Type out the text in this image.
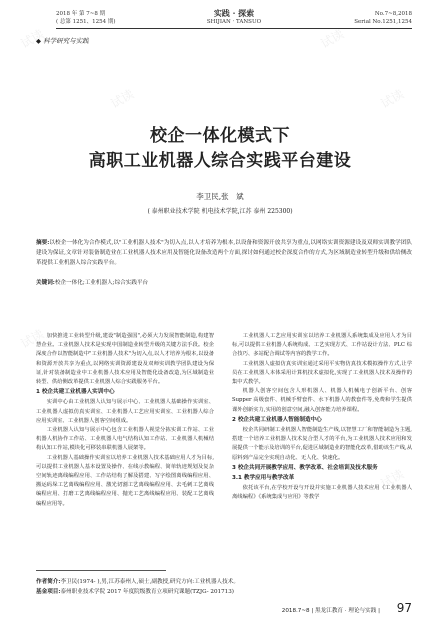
试读	试读
试读	试读
试读	试读
试读	试读
2018 年 第 7~8 期
( 总第 1251、1254 期)
实践 · 探索
SHIJIAN · TANSUO
No.7~8,2018
Serial No.1251,1254
◆ 科学研究与实践
校企一体化模式下
高职工业机器人综合实践平台建设
李卫民,张　斌
( 泰州职业技术学院 机电技术学院,江苏 泰州 225300)
摘要:以校企一体化为合作模式,以"工业机器人技术"为切入点,以人才培养为根本,以设备和资源开放共享为重点,以网络实训资源建设及双师实训教学团队建设为保证,文章针对装备制造业在工业机器人技术应用及智能化设备改造两个方面,探讨如何通过校企深度合作的方式,为区域制造业转型升级和供给侧改革提供工业机器人综合实践平台。
关键词:校企一体化;工业机器人;综合实践平台

加快推进工业转型升级,建设"制造强国",必须大力发展智能制造,构建智慧企业。工业机器人技术是实现中国制造业转型升级的关键方法手段。校企深度合作以智能制造中"工业机器人技术"为切入点,以人才培养为根本,以设备和资源开放共享为重点,以网络实训资源建设及双师实训教学团队建设为保证,针对装备制造业中工业机器人技术应用及智能化设备改造,为区域制造业转型、供给侧改革提供工业机器人综合实践服务平台。

1 校企共建工业机器人实训中心

实训中心由工业机器人认知与展示中心、工业机器人基础操作实训室、工业机器人虚拟仿真实训室、工业机器人工艺应用实训室、工业机器人综合应用实训室、工业机器人创客空间组成。

工业机器人认知与展示中心包含工业机器人视觉分拣实训工作站、工业机器人机协作工作站、工业机器人电气结构认知工作站、工业机器人机械结构认知工作站,模块化可移装串联机器人展架等。

工业机器人基础操作实训室以培养工业机器人技术基础应用人才为目标,可以提供工业机器人基本设置及操作、在线示教编程、简单轨迹规划及复杂空间轨迹离线编程应用、工作站结构了解及搭建、写字绘图离线编程应用、搬运码垛工艺离线编程应用、激光切割工艺离线编程应用、去毛刺工艺离线编程应用、打磨工艺离线编程应用、抛光工艺离线编程应用、装配工艺离线编程应用等。

工业机器人工艺应用实训室以培养工业机器人系统集成及应用人才为目标,可以提供工业机器人系统构成、工艺实现方式、工作站设计方法、PLC 综合技巧、多站配合调试等内容的教学工作。

工业机器人虚拟仿真实训室通过采用平实物仿真技术模拟操作方式,让学员在工业机器人本体采用计算机技术虚拟化,实现了工业机器人技术及操作的集中式教学。

机器人创客空间包含人形机器人、机器人机械电子创新平台、创客 Supper 高级套件、机械手臂套件、水下机器人的教套件等,免费和学生提供课外创新实力,实用的创意空间,融入创客能力培养课程。

2 校企共建工业机器人智能制造中心

校企共同研制工业机器人智能制造生产线,以智慧工厂和智能制造为主题,搭建一个培养工业机器人技术复合型人才的平台,为工业机器人技术应用和发展提供一个能示及培训的平台,促进区域制造业的智能化改革,借助该生产线,从原料到产品完全实现自动化、无人化、快速化。

3 校企共同开展教学应用、教学改革、社会培训及技术服务
3.1 教学应用与教学改革

依托该平台,在学校开设与开设并实施工业机器人技术应用《工业机器人离线编程》《系统集成与应用》等教学

作者简介:李卫民(1974- ),男,江苏泰州人,硕士,副教授,研究方向:工业机器人技术。
基金项目:泰州职业技术学院 2017 年度院级教育立项研究课题(TZJG- 201713)
2018.7~8 | 黑龙江教育 · 理论与实践 | 97
